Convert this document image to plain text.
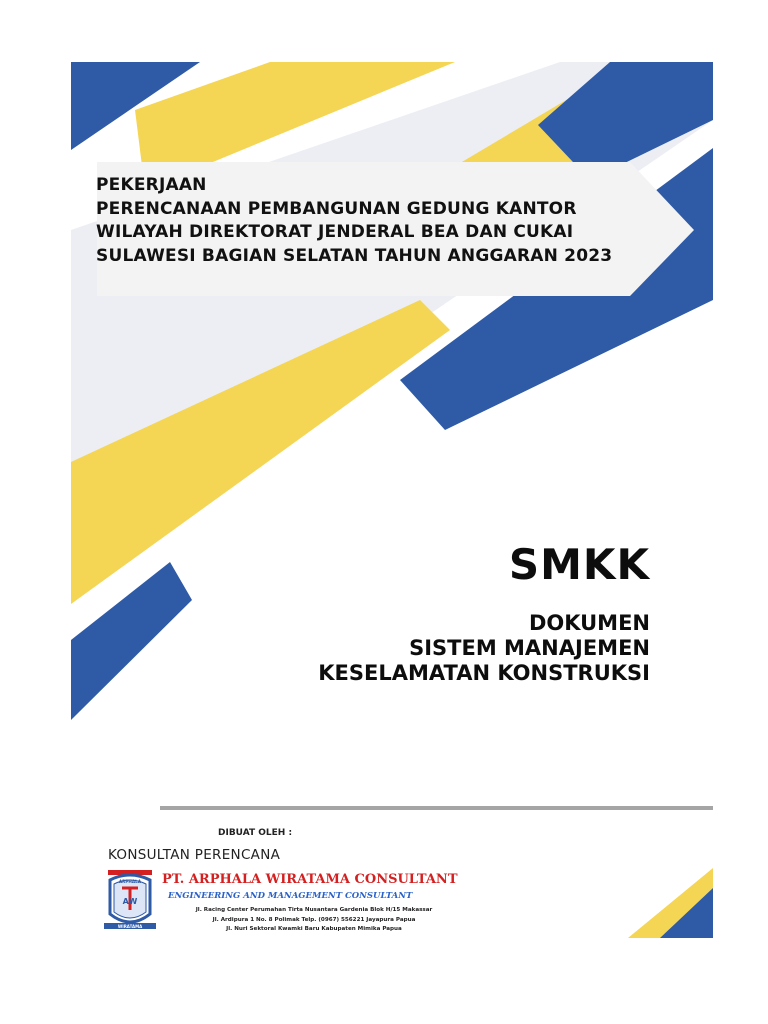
PEKERJAAN
PERENCANAAN PEMBANGUNAN GEDUNG KANTOR
WILAYAH DIREKTORAT JENDERAL BEA DAN CUKAI
SULAWESI BAGIAN SELATAN TAHUN ANGGARAN 2023
SMKK
DOKUMEN
SISTEM MANAJEMEN
KESELAMATAN KONSTRUKSI
DIBUAT OLEH :
KONSULTAN PERENCANA
ARPHALA
AW
WIRATAMA
PT. ARPHALA WIRATAMA CONSULTANT
ENGINEERING AND MANAGEMENT CONSULTANT
Jl. Racing Center Perumahan Tirta Nusantara Gardenia Blok H/15 Makassar
Jl. Ardipura 1 No. 8 Polimak Telp. (0967) 556221 Jayapura Papua
Jl. Nuri Sektoral Kwamki Baru Kabupaten Mimika Papua
